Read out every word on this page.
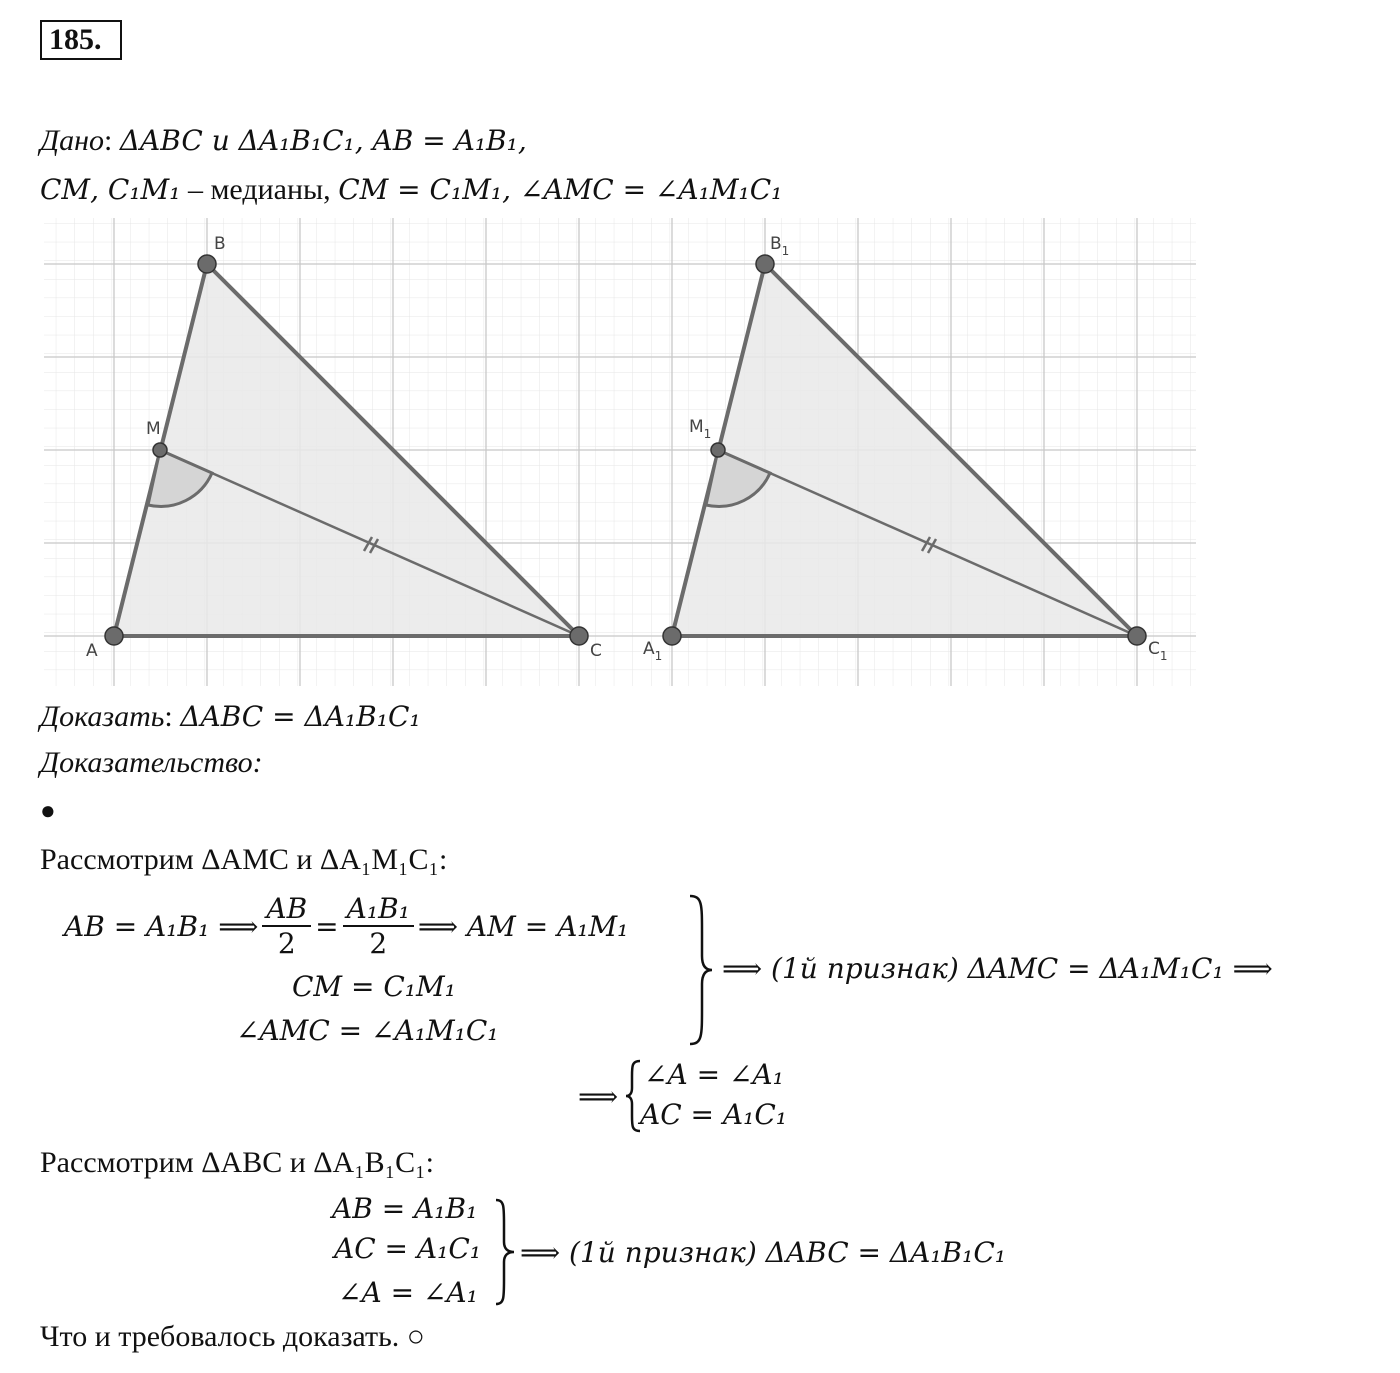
185.
Дано: ΔABC и ΔA₁B₁C₁, AB = A₁B₁,
CM, C₁M₁ – медианы, CM = C₁M₁, ∠AMC = ∠A₁M₁C₁
A
B
C
M
$A_1$
$B_1$
$C_1$
$M_1$
Доказать: ΔABC = ΔA₁B₁C₁
Доказательство:
●
Рассмотрим ΔAMC и ΔA₁M₁C₁:
AB = A₁B₁ ⟹ $\frac{AB}{2} = \frac{\text{A₁B₁}}{2}$ ⟹ AM = A₁M₁
CM = C₁M₁
∠AMC = ∠A₁M₁C₁
⟹ (1й признак) ΔAMC = ΔA₁M₁C₁ ⟹
⟹
∠A = ∠A₁
AC = A₁C₁
Рассмотрим ΔABC и ΔA₁B₁C₁:
AB = A₁B₁
AC = A₁C₁
∠A = ∠A₁
⟹ (1й признак) ΔABC = ΔA₁B₁C₁
Что и требовалось доказать. ○
